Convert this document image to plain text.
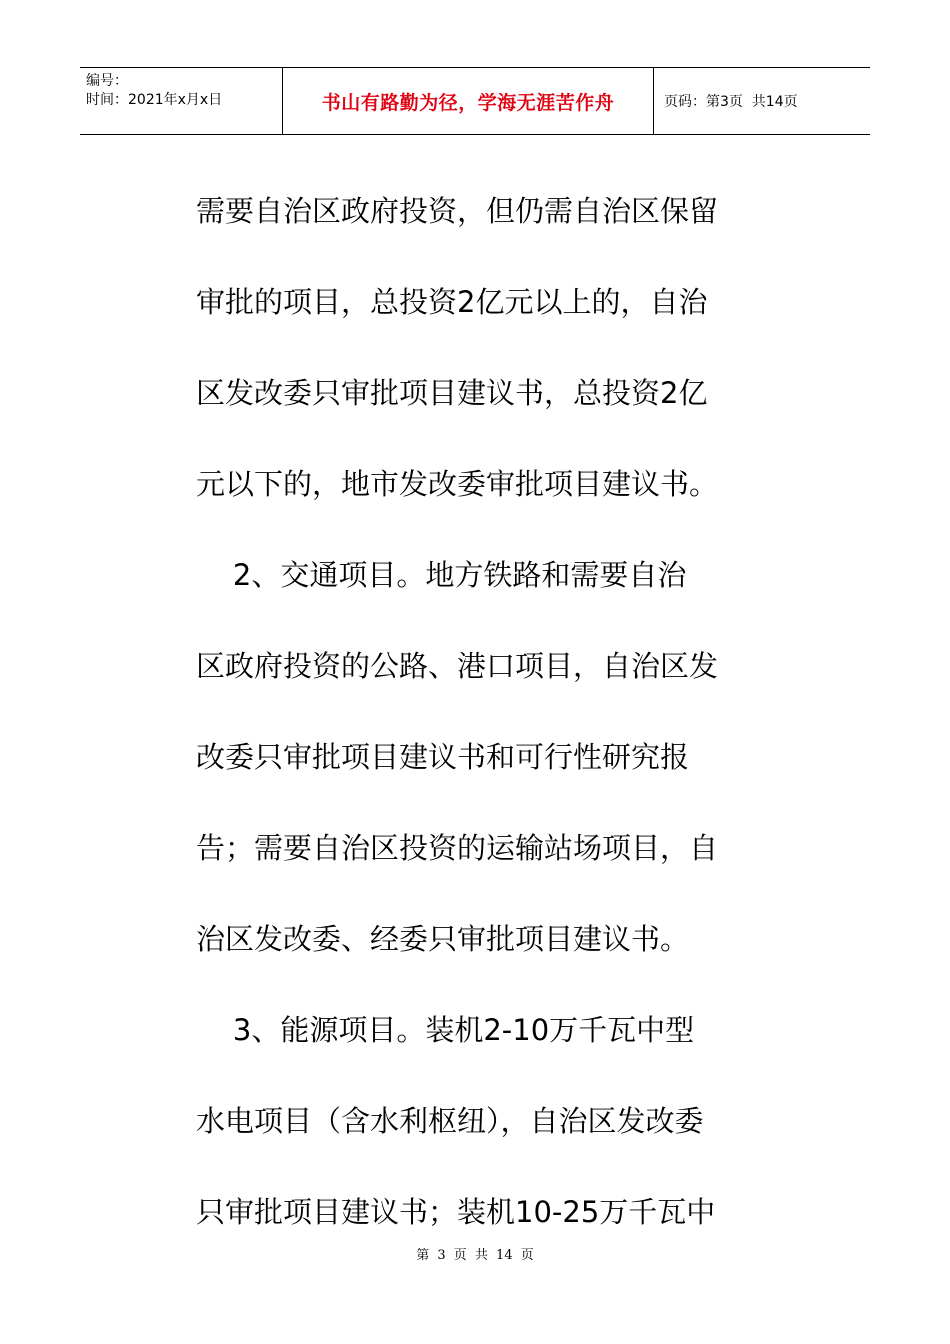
编号：
时间：2021年x月x日	书山有路勤为径，学海无涯苦作舟	页码：第3页  共14页
需要自治区政府投资，但仍需自治区保留
审批的项目，总投资2亿元以上的，自治
区发改委只审批项目建议书，总投资2亿
元以下的，地市发改委审批项目建议书。
2、交通项目。地方铁路和需要自治
区政府投资的公路、港口项目，自治区发
改委只审批项目建议书和可行性研究报
告；需要自治区投资的运输站场项目，自
治区发改委、经委只审批项目建议书。
3、能源项目。装机2-10万千瓦中型
水电项目（含水利枢纽），自治区发改委
只审批项目建议书；装机10-25万千瓦中
第 3 页 共 14 页
